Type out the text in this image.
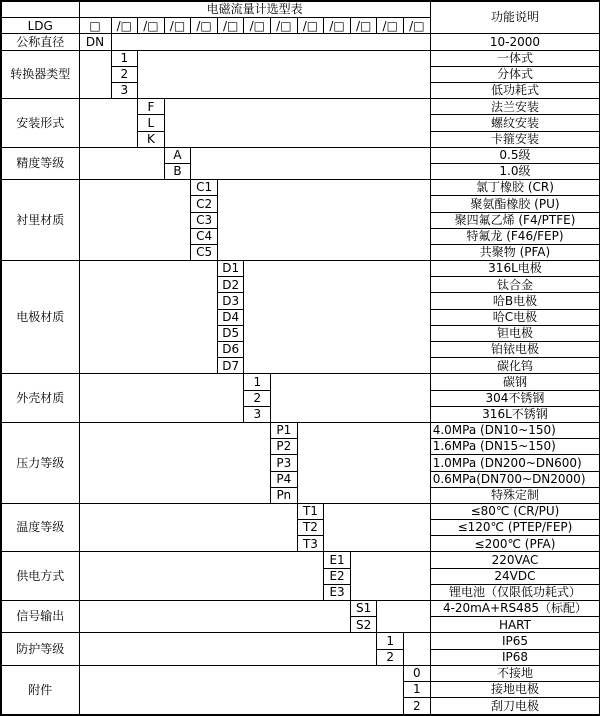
	电磁流量计选型表													功能说明
LDG	□	/□	/□	/□	/□	/□	/□	/□	/□	/□	/□	/□	/□	
公称直径	DN													10-2000
转换器类型		1												一体式
		2												分体式
		3												低功耗式
安装形式			F											法兰安装
			L											螺纹安装
			K											卡箍安装
精度等级				A										0.5级
				B										1.0级
衬里材质					C1									氯丁橡胶 (CR)
					C2									聚氨酯橡胶 (PU)
					C3									聚四氟乙烯 (F4/PTFE)
					C4									特氟龙 (F46/FEP)
					C5									共聚物 (PFA)
电极材质						D1								316L电极
						D2								钛合金
						D3								哈B电极
						D4								哈C电极
						D5								钽电极
						D6								铂铱电极
						D7								碳化钨
外壳材质							1							碳钢
							2							304不锈钢
							3							316L不锈钢
压力等级								P1						4.0MPa (DN10~150)
								P2						1.6MPa (DN15~150)
								P3						1.0MPa (DN200~DN600)
								P4						0.6MPa(DN700~DN2000)
								Pn						特殊定制
温度等级									T1					≤80℃ (CR/PU)
									T2					≤120℃ (PTEP/FEP)
									T3					≤200℃ (PFA)
供电方式										E1				220VAC
										E2				24VDC
										E3				锂电池（仅限低功耗式）
信号输出											S1			4-20mA+RS485（标配）
											S2			HART
防护等级												1		IP65
												2		IP68
附件													0	不接地
													1	接地电极
													2	刮刀电极
